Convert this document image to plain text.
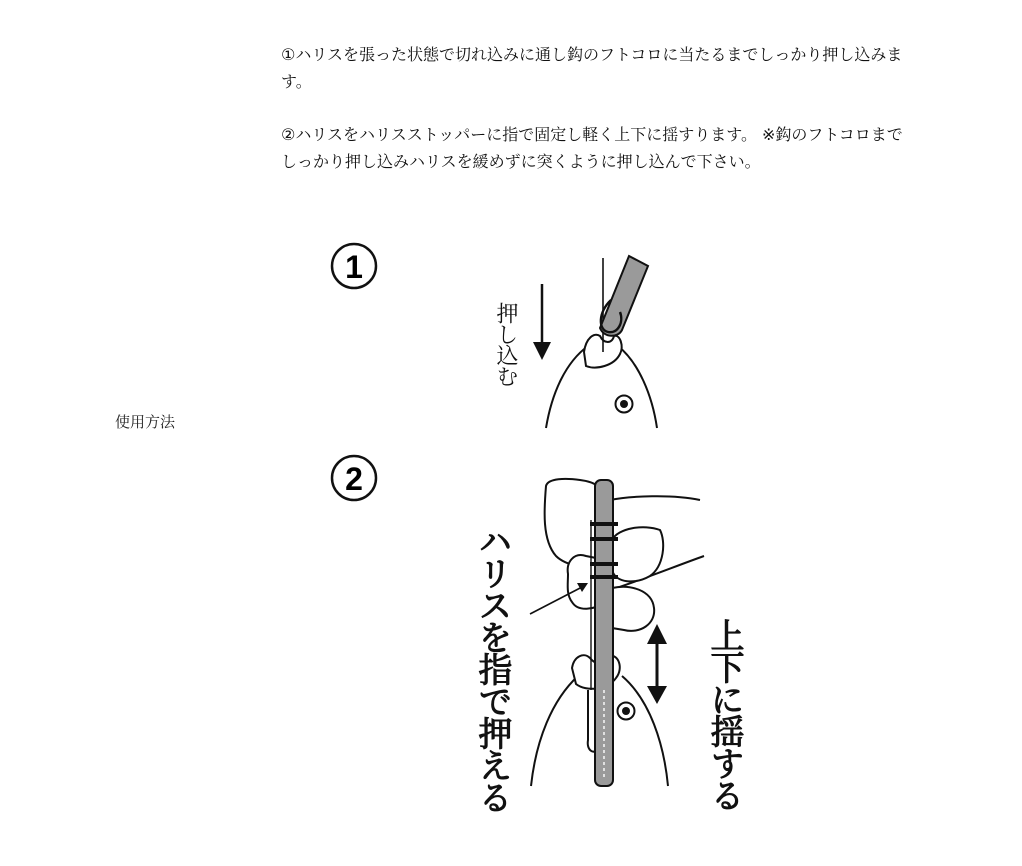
使用方法
①ハリスを張った状態で切れ込みに通し鈎のフトコロに当たるまでしっかり押し込みます。
②ハリスをハリスストッパーに指で固定し軽く上下に揺すります。 ※鈎のフトコロまでしっかり押し込みハリスを緩めずに突くように押し込んで下さい。
1
2
押し込む
ハリスを指で押える	上下に揺する
